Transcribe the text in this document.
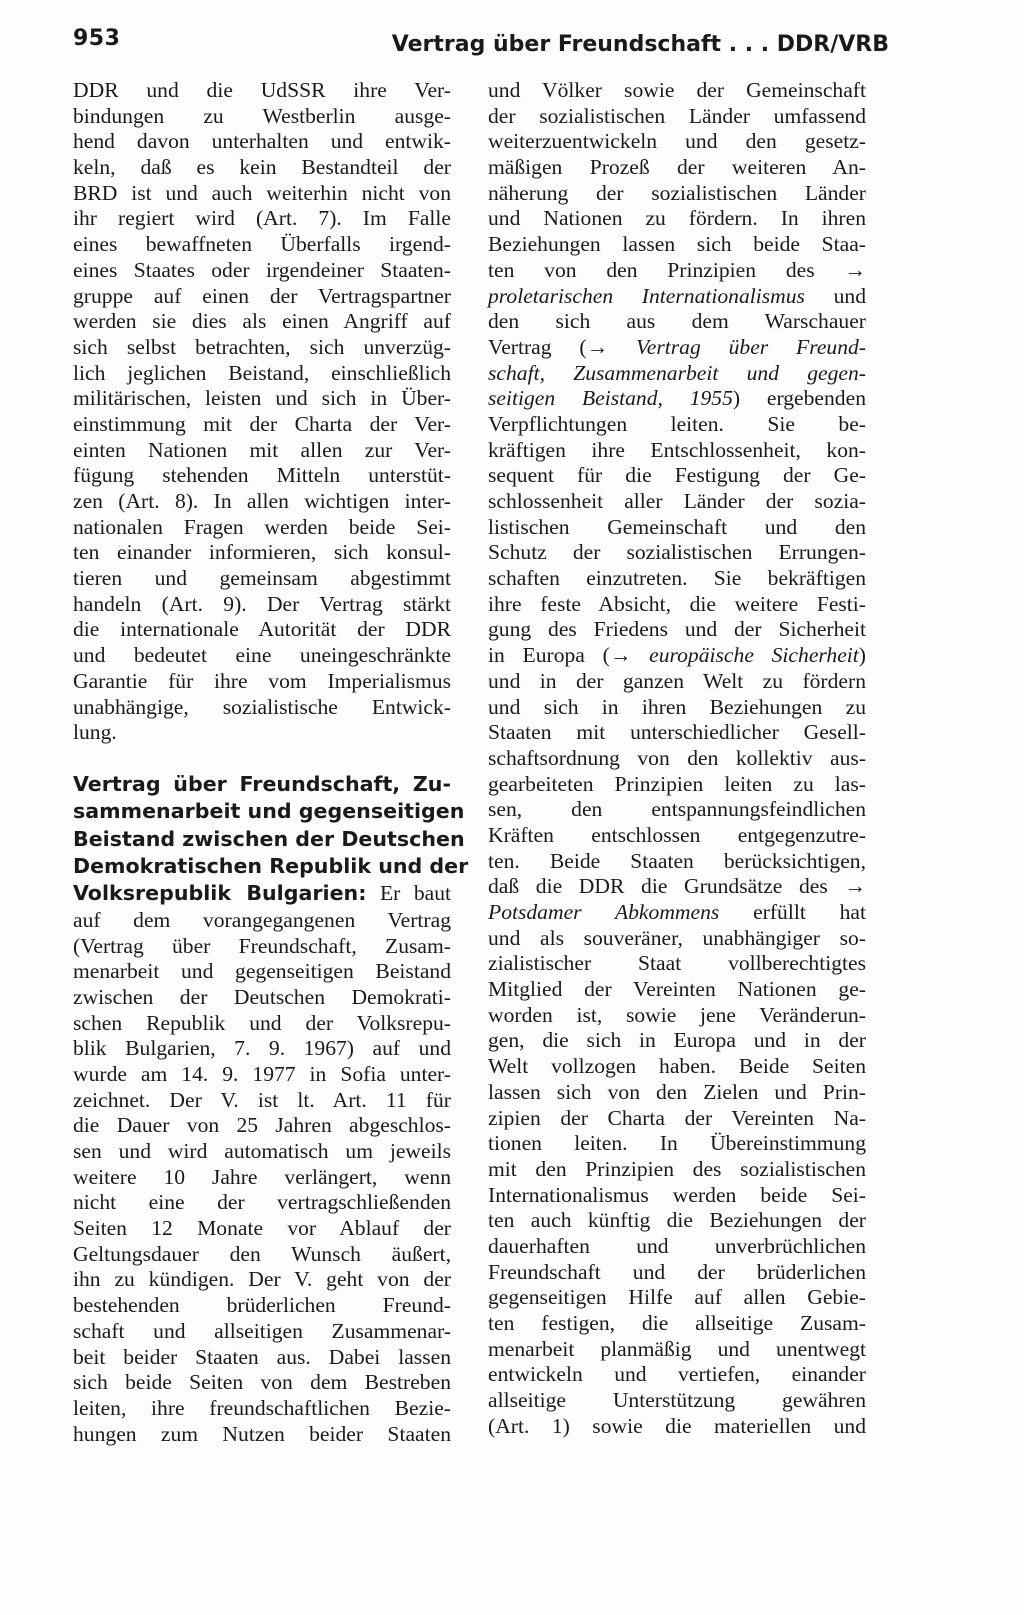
953	Vertrag über Freundschaft . . . DDR/VRB
DDR und die UdSSR ihre Ver-
bindungen zu Westberlin ausge-
hend davon unterhalten und entwik-
keln, daß es kein Bestandteil der
BRD ist und auch weiterhin nicht von
ihr regiert wird (Art. 7). Im Falle
eines bewaffneten Überfalls irgend-
eines Staates oder irgendeiner Staaten-
gruppe auf einen der Vertragspartner
werden sie dies als einen Angriff auf
sich selbst betrachten, sich unverzüg-
lich jeglichen Beistand, einschließlich
militärischen, leisten und sich in Über-
einstimmung mit der Charta der Ver-
einten Nationen mit allen zur Ver-
fügung stehenden Mitteln unterstüt-
zen (Art. 8). In allen wichtigen inter-
nationalen Fragen werden beide Sei-
ten einander informieren, sich konsul-
tieren und gemeinsam abgestimmt
handeln (Art. 9). Der Vertrag stärkt
die internationale Autorität der DDR
und bedeutet eine uneingeschränkte
Garantie für ihre vom Imperialismus
unabhängige, sozialistische Entwick-
lung.
Vertrag über Freundschaft, Zu-
sammenarbeit und gegenseitigen
Beistand zwischen der Deutschen
Demokratischen Republik und der
Volksrepublik Bulgarien: Er baut
auf dem vorangegangenen Vertrag
(Vertrag über Freundschaft, Zusam-
menarbeit und gegenseitigen Beistand
zwischen der Deutschen Demokrati-
schen Republik und der Volksrepu-
blik Bulgarien, 7. 9. 1967) auf und
wurde am 14. 9. 1977 in Sofia unter-
zeichnet. Der V. ist lt. Art. 11 für
die Dauer von 25 Jahren abgeschlos-
sen und wird automatisch um jeweils
weitere 10 Jahre verlängert, wenn
nicht eine der vertragschließenden
Seiten 12 Monate vor Ablauf der
Geltungsdauer den Wunsch äußert,
ihn zu kündigen. Der V. geht von der
bestehenden brüderlichen Freund-
schaft und allseitigen Zusammenar-
beit beider Staaten aus. Dabei lassen
sich beide Seiten von dem Bestreben
leiten, ihre freundschaftlichen Bezie-
hungen zum Nutzen beider Staaten
und Völker sowie der Gemeinschaft
der sozialistischen Länder umfassend
weiterzuentwickeln und den gesetz-
mäßigen Prozeß der weiteren An-
näherung der sozialistischen Länder
und Nationen zu fördern. In ihren
Beziehungen lassen sich beide Staa-
ten von den Prinzipien des →
proletarischen Internationalismus und
den sich aus dem Warschauer
Vertrag (→ Vertrag über Freund-
schaft, Zusammenarbeit und gegen-
seitigen Beistand, 1955) ergebenden
Verpflichtungen leiten. Sie be-
kräftigen ihre Entschlossenheit, kon-
sequent für die Festigung der Ge-
schlossenheit aller Länder der sozia-
listischen Gemeinschaft und den
Schutz der sozialistischen Errungen-
schaften einzutreten. Sie bekräftigen
ihre feste Absicht, die weitere Festi-
gung des Friedens und der Sicherheit
in Europa (→ europäische Sicherheit)
und in der ganzen Welt zu fördern
und sich in ihren Beziehungen zu
Staaten mit unterschiedlicher Gesell-
schaftsordnung von den kollektiv aus-
gearbeiteten Prinzipien leiten zu las-
sen, den entspannungsfeindlichen
Kräften entschlossen entgegenzutre-
ten. Beide Staaten berücksichtigen,
daß die DDR die Grundsätze des →
Potsdamer Abkommens erfüllt hat
und als souveräner, unabhängiger so-
zialistischer Staat vollberechtigtes
Mitglied der Vereinten Nationen ge-
worden ist, sowie jene Veränderun-
gen, die sich in Europa und in der
Welt vollzogen haben. Beide Seiten
lassen sich von den Zielen und Prin-
zipien der Charta der Vereinten Na-
tionen leiten. In Übereinstimmung
mit den Prinzipien des sozialistischen
Internationalismus werden beide Sei-
ten auch künftig die Beziehungen der
dauerhaften und unverbrüchlichen
Freundschaft und der brüderlichen
gegenseitigen Hilfe auf allen Gebie-
ten festigen, die allseitige Zusam-
menarbeit planmäßig und unentwegt
entwickeln und vertiefen, einander
allseitige Unterstützung gewähren
(Art. 1) sowie die materiellen und
